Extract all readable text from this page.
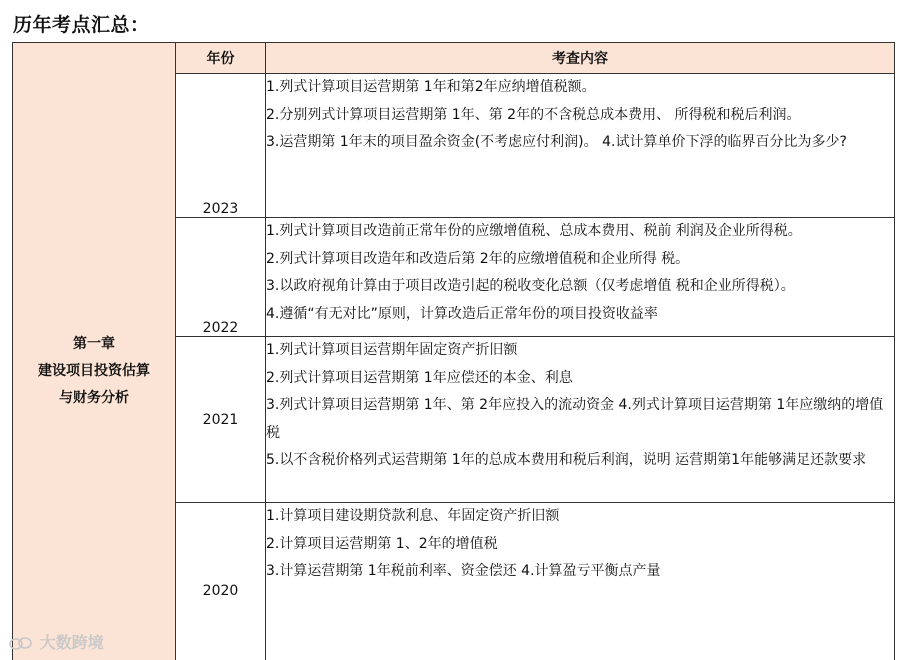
历年考点汇总：
第一章
建设项目投资估算
与财务分析	年份	考查内容
	2023	1.列式计算项目运营期第 1年和第2年应纳增值税额。
2.分别列式计算项目运营期第 1年、第 2年的不含税总成本费用、 所得税和税后利润。
3.运营期第 1年末的项目盈余资金(不考虑应付利润)。 4.试计算单价下浮的临界百分比为多少?

	2022	1.列式计算项目改造前正常年份的应缴增值税、总成本费用、税前 利润及企业所得税。
2.列式计算项目改造年和改造后第 2年的应缴增值税和企业所得 税。
3.以政府视角计算由于项目改造引起的税收变化总额（仅考虑增值 税和企业所得税）。
4.遵循“有无对比”原则，计算改造后正常年份的项目投资收益率

	2021	1.列式计算项目运营期年固定资产折旧额
2.列式计算项目运营期第 1年应偿还的本金、利息
3.列式计算项目运营期第 1年、第 2年应投入的流动资金 4.列式计算项目运营期第 1年应缴纳的增值税
5.以不含税价格列式运营期第 1年的总成本费用和税后利润，说明 运营期第1年能够满足还款要求

	2020	1.计算项目建设期贷款利息、年固定资产折旧额
2.计算项目运营期第 1、2年的增值税
3.计算运营期第 1年税前利率、资金偿还 4.计算盈亏平衡点产量

大数跨境
